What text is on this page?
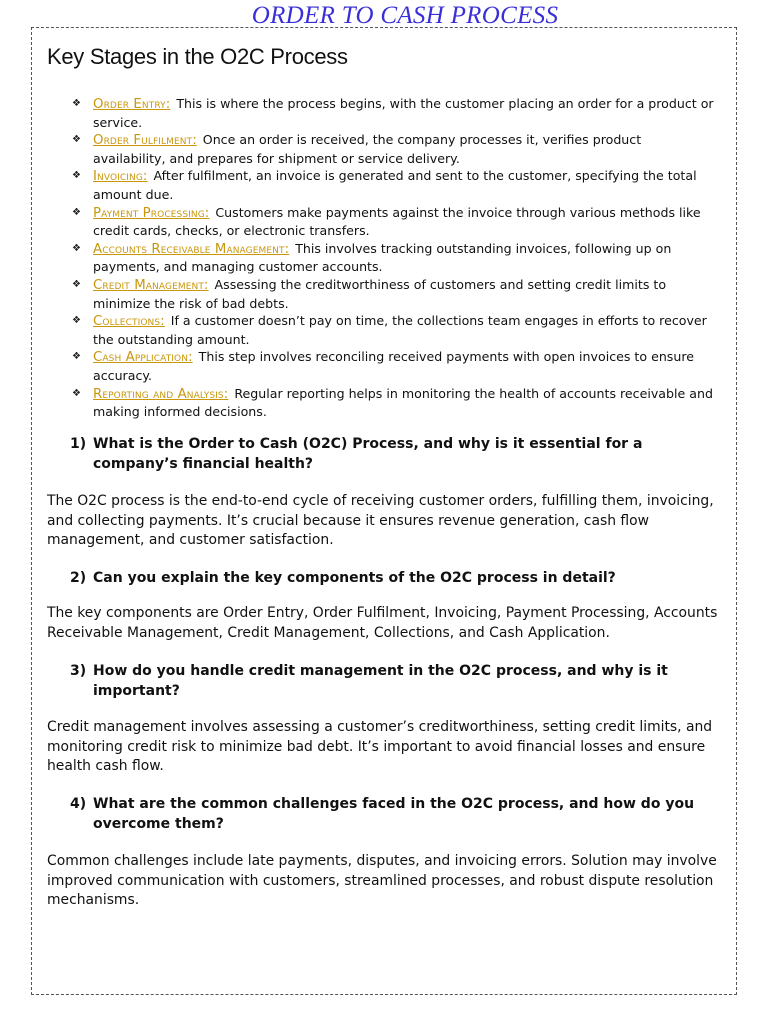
ORDER TO CASH PROCESS
Key Stages in the O2C Process
❖ Order Entry: This is where the process begins, with the customer placing an order for a product or service.
❖ Order Fulfilment: Once an order is received, the company processes it, verifies product availability, and prepares for shipment or service delivery.
❖ Invoicing: After fulfilment, an invoice is generated and sent to the customer, specifying the total amount due.
❖ Payment Processing: Customers make payments against the invoice through various methods like credit cards, checks, or electronic transfers.
❖ Accounts Receivable Management: This involves tracking outstanding invoices, following up on payments, and managing customer accounts.
❖ Credit Management: Assessing the creditworthiness of customers and setting credit limits to minimize the risk of bad debts.
❖ Collections: If a customer doesn’t pay on time, the collections team engages in efforts to recover the outstanding amount.
❖ Cash Application: This step involves reconciling received payments with open invoices to ensure accuracy.
❖ Reporting and Analysis: Regular reporting helps in monitoring the health of accounts receivable and making informed decisions.
1) What is the Order to Cash (O2C) Process, and why is it essential for a company’s financial health?
The O2C process is the end-to-end cycle of receiving customer orders, fulfilling them, invoicing, and collecting payments. It’s crucial because it ensures revenue generation, cash flow management, and customer satisfaction.
2) Can you explain the key components of the O2C process in detail?
The key components are Order Entry, Order Fulfilment, Invoicing, Payment Processing, Accounts Receivable Management, Credit Management, Collections, and Cash Application.
3) How do you handle credit management in the O2C process, and why is it important?
Credit management involves assessing a customer’s creditworthiness, setting credit limits, and monitoring credit risk to minimize bad debt. It’s important to avoid financial losses and ensure health cash flow.
4) What are the common challenges faced in the O2C process, and how do you overcome them?
Common challenges include late payments, disputes, and invoicing errors. Solution may involve improved communication with customers, streamlined processes, and robust dispute resolution mechanisms.
